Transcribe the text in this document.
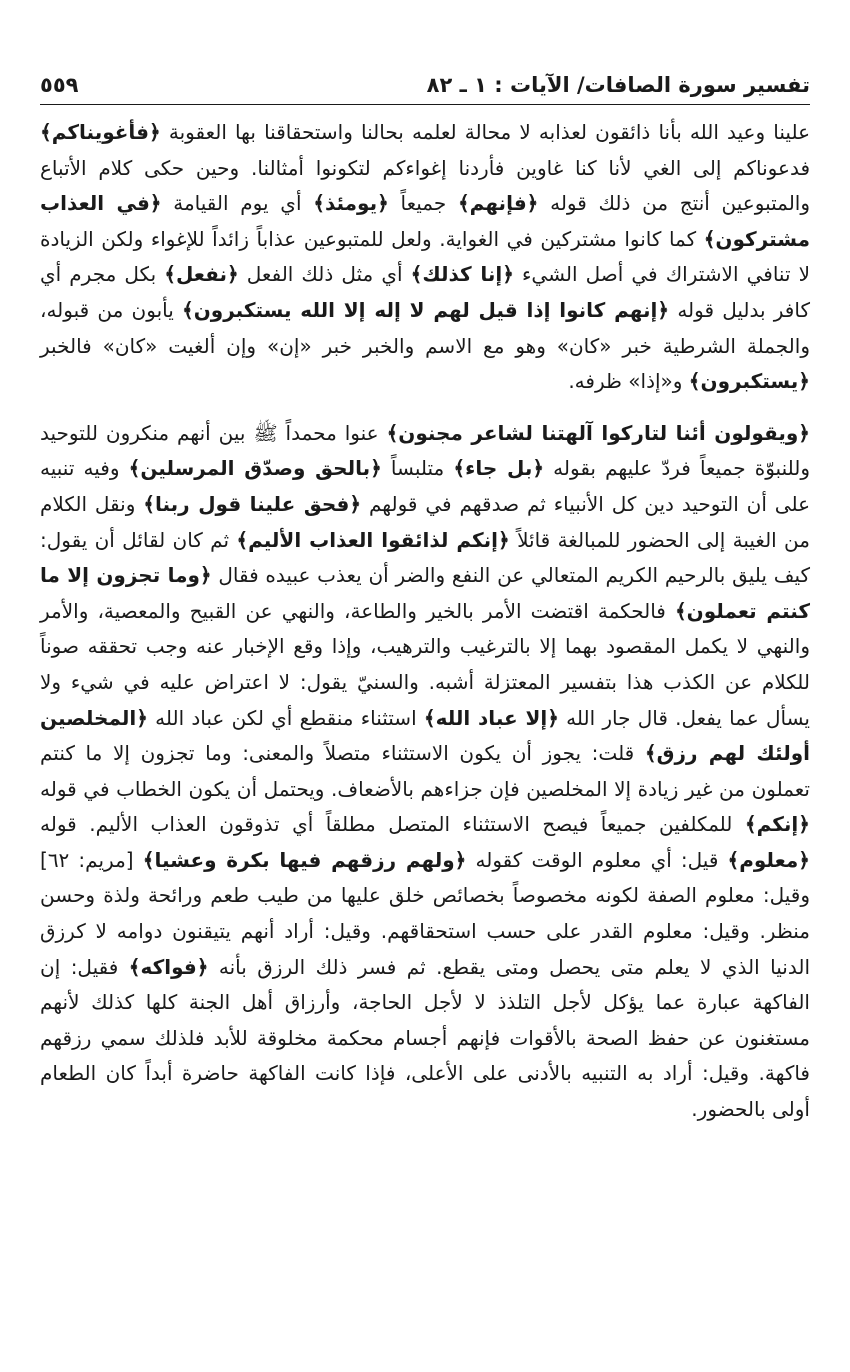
تفسير سورة الصافات/ الآيات : ١ ـ ٨٢
٥٥٩

علينا وعيد الله بأنا ذائقون لعذابه لا محالة لعلمه بحالنا واستحقاقنا بها العقوبة ﴿فأغويناكم﴾ فدعوناكم إلى الغي لأنا كنا غاوين فأردنا إغواءكم لتكونوا أمثالنا. وحين حكى كلام الأتباع والمتبوعين أنتج من ذلك قوله ﴿فإنهم﴾ جميعاً ﴿يومئذ﴾ أي يوم القيامة ﴿في العذاب مشتركون﴾ كما كانوا مشتركين في الغواية. ولعل للمتبوعين عذاباً زائداً للإغواء ولكن الزيادة لا تنافي الاشتراك في أصل الشيء ﴿إنا كذلك﴾ أي مثل ذلك الفعل ﴿نفعل﴾ بكل مجرم أي كافر بدليل قوله ﴿إنهم كانوا إذا قيل لهم لا إله إلا الله يستكبرون﴾ يأبون من قبوله، والجملة الشرطية خبر «كان» وهو مع الاسم والخبر خبر «إن» وإن ألغيت «كان» فالخبر ﴿يستكبرون﴾ و«إذا» ظرفه.

﴿ويقولون أئنا لتاركوا آلهتنا لشاعر مجنون﴾ عنوا محمداً ﷺ بين أنهم منكرون للتوحيد وللنبوّة جميعاً فردّ عليهم بقوله ﴿بل جاء﴾ متلبساً ﴿بالحق وصدّق المرسلين﴾ وفيه تنبيه على أن التوحيد دين كل الأنبياء ثم صدقهم في قولهم ﴿فحق علينا قول ربنا﴾ ونقل الكلام من الغيبة إلى الحضور للمبالغة قائلاً ﴿إنكم لذائقوا العذاب الأليم﴾ ثم كان لقائل أن يقول: كيف يليق بالرحيم الكريم المتعالي عن النفع والضر أن يعذب عبيده فقال ﴿وما تجزون إلا ما كنتم تعملون﴾ فالحكمة اقتضت الأمر بالخير والطاعة، والنهي عن القبيح والمعصية، والأمر والنهي لا يكمل المقصود بهما إلا بالترغيب والترهيب، وإذا وقع الإخبار عنه وجب تحققه صوناً للكلام عن الكذب هذا بتفسير المعتزلة أشبه. والسنيّ يقول: لا اعتراض عليه في شيء ولا يسأل عما يفعل. قال جار الله ﴿إلا عباد الله﴾ استثناء منقطع أي لكن عباد الله ﴿المخلصين أولئك لهم رزق﴾ قلت: يجوز أن يكون الاستثناء متصلاً والمعنى: وما تجزون إلا ما كنتم تعملون من غير زيادة إلا المخلصين فإن جزاءهم بالأضعاف. ويحتمل أن يكون الخطاب في قوله ﴿إنكم﴾ للمكلفين جميعاً فيصح الاستثناء المتصل مطلقاً أي تذوقون العذاب الأليم. قوله ﴿معلوم﴾ قيل: أي معلوم الوقت كقوله ﴿ولهم رزقهم فيها بكرة وعشيا﴾ [مريم: ٦٢] وقيل: معلوم الصفة لكونه مخصوصاً بخصائص خلق عليها من طيب طعم ورائحة ولذة وحسن منظر. وقيل: معلوم القدر على حسب استحقاقهم. وقيل: أراد أنهم يتيقنون دوامه لا كرزق الدنيا الذي لا يعلم متى يحصل ومتى يقطع. ثم فسر ذلك الرزق بأنه ﴿فواكه﴾ فقيل: إن الفاكهة عبارة عما يؤكل لأجل التلذذ لا لأجل الحاجة، وأرزاق أهل الجنة كلها كذلك لأنهم مستغنون عن حفظ الصحة بالأقوات فإنهم أجسام محكمة مخلوقة للأبد فلذلك سمي رزقهم فاكهة. وقيل: أراد به التنبيه بالأدنى على الأعلى، فإذا كانت الفاكهة حاضرة أبداً كان الطعام أولى بالحضور.
